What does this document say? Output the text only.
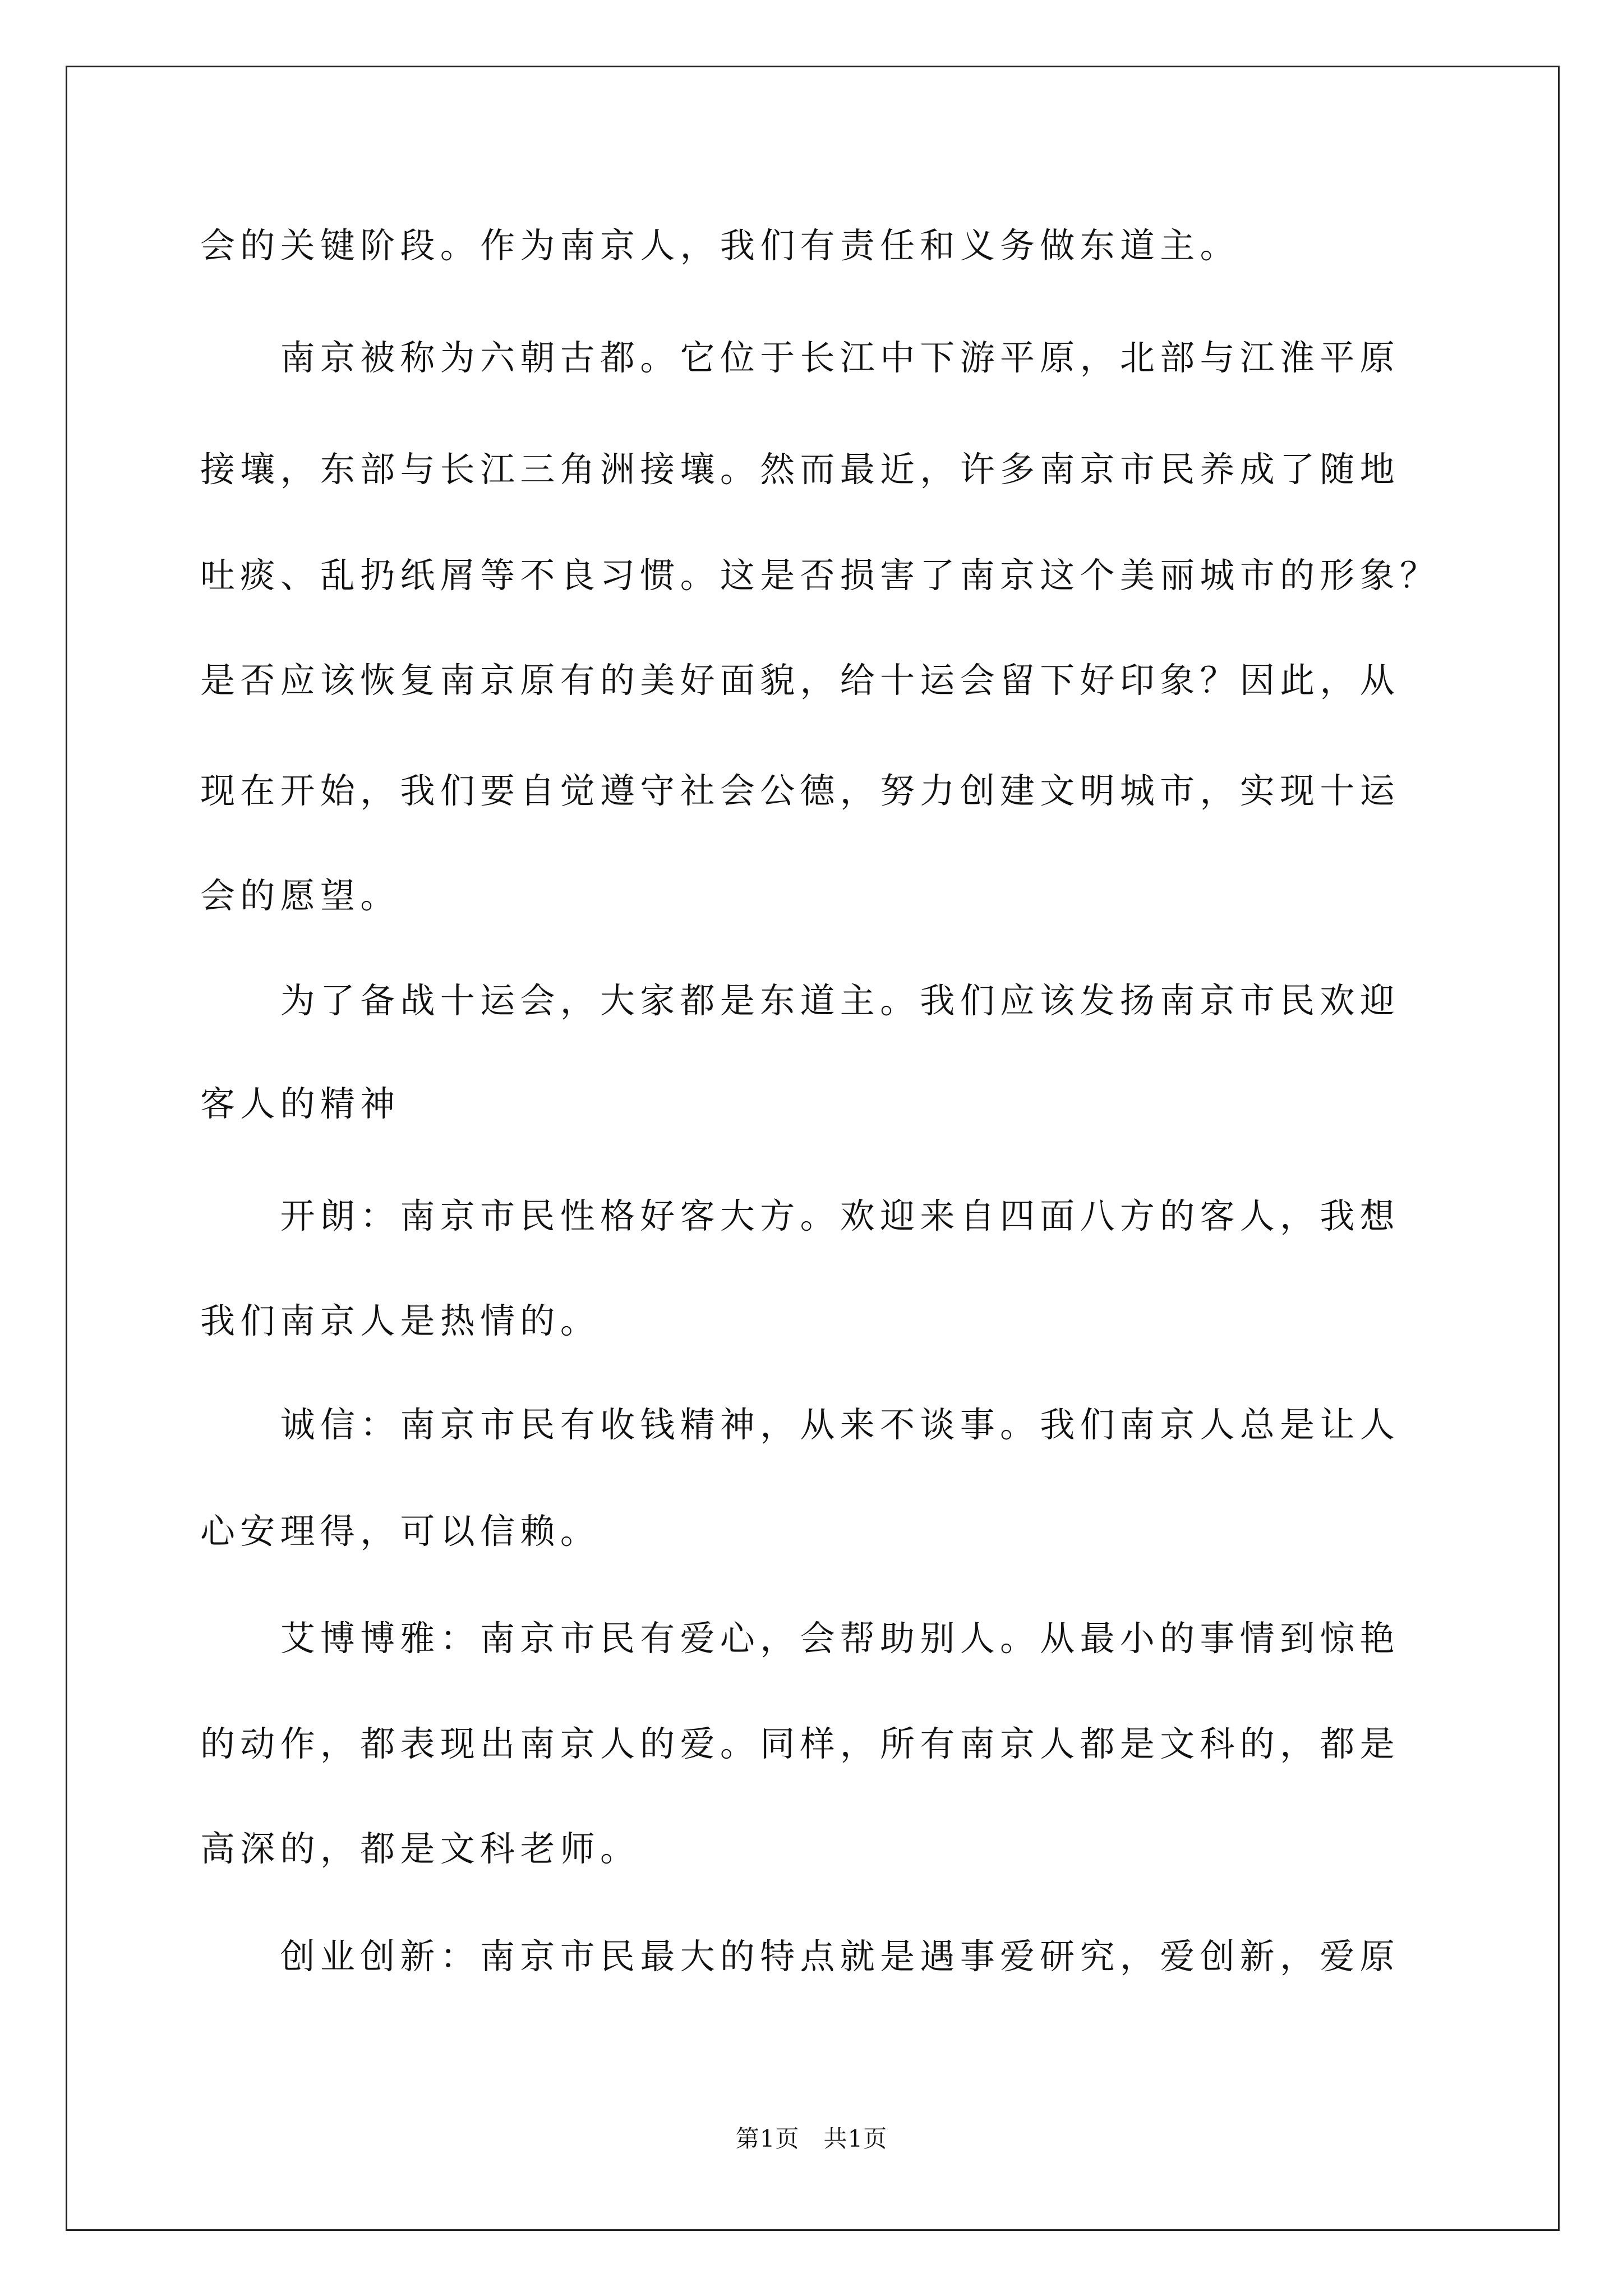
会的关键阶段。作为南京人，我们有责任和义务做东道主。
　　南京被称为六朝古都。它位于长江中下游平原，北部与江淮平原
接壤，东部与长江三角洲接壤。然而最近，许多南京市民养成了随地
吐痰、乱扔纸屑等不良习惯。这是否损害了南京这个美丽城市的形象？
是否应该恢复南京原有的美好面貌，给十运会留下好印象？因此，从
现在开始，我们要自觉遵守社会公德，努力创建文明城市，实现十运
会的愿望。
　　为了备战十运会，大家都是东道主。我们应该发扬南京市民欢迎
客人的精神
　　开朗：南京市民性格好客大方。欢迎来自四面八方的客人，我想
我们南京人是热情的。
　　诚信：南京市民有收钱精神，从来不谈事。我们南京人总是让人
心安理得，可以信赖。
　　艾博博雅：南京市民有爱心，会帮助别人。从最小的事情到惊艳
的动作，都表现出南京人的爱。同样，所有南京人都是文科的，都是
高深的，都是文科老师。
　　创业创新：南京市民最大的特点就是遇事爱研究，爱创新，爱原
第1页　共1页
